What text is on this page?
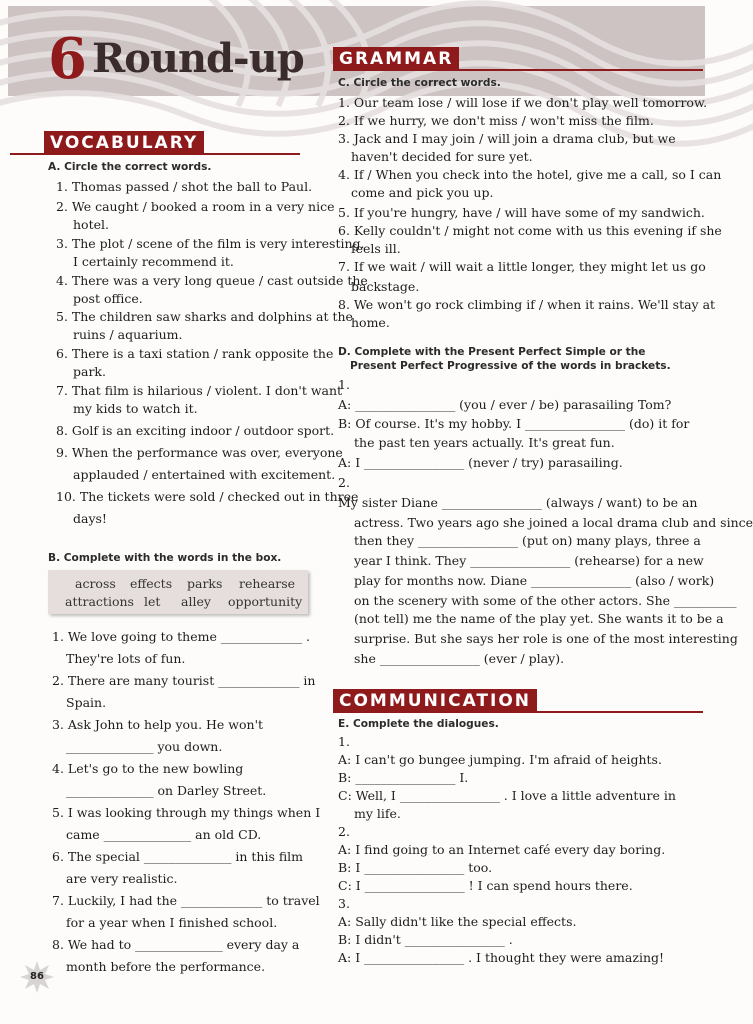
6 Round-up
VOCABULARY
A. Circle the correct words.
across effects parks rehearse
attractions let alley opportunity
B. Complete with the words in the box.
GRAMMAR
C. Circle the correct words.
D. Complete with the Present Perfect Simple or the
Present Perfect Progressive of the words in brackets.
COMMUNICATION
E. Complete the dialogues.
86
1. Thomas passed / shot the ball to Paul.
2. We caught / booked a room in a very nice
hotel.
3. The plot / scene of the film is very interesting.
I certainly recommend it.
4. There was a very long queue / cast outside the
post office.
5. The children saw sharks and dolphins at the
ruins / aquarium.
6. There is a taxi station / rank opposite the
park.
7. That film is hilarious / violent. I don't want
my kids to watch it.
8. Golf is an exciting indoor / outdoor sport.
9. When the performance was over, everyone
applauded / entertained with excitement.
10. The tickets were sold / checked out in three
days!
1. We love going to theme _____________ .
They're lots of fun.
2. There are many tourist _____________ in
Spain.
3. Ask John to help you. He won't
______________ you down.
4. Let's go to the new bowling
______________ on Darley Street.
5. I was looking through my things when I
came ______________ an old CD.
6. The special ______________ in this film
are very realistic.
7. Luckily, I had the _____________ to travel
for a year when I finished school.
8. We had to ______________ every day a
month before the performance.
1. Our team lose / will lose if we don't play well tomorrow.
2. If we hurry, we don't miss / won't miss the film.
3. Jack and I may join / will join a drama club, but we
haven't decided for sure yet.
4. If / When you check into the hotel, give me a call, so I can
come and pick you up.
5. If you're hungry, have / will have some of my sandwich.
6. Kelly couldn't / might not come with us this evening if she
feels ill.
7. If we wait / will wait a little longer, they might let us go
backstage.
8. We won't go rock climbing if / when it rains. We'll stay at
home.
1.
A: ________________ (you / ever / be) parasailing Tom?
B: Of course. It's my hobby. I ________________ (do) it for
the past ten years actually. It's great fun.
A: I ________________ (never / try) parasailing.
2.
My sister Diane ________________ (always / want) to be an
actress. Two years ago she joined a local drama club and since
then they ________________ (put on) many plays, three a
year I think. They ________________ (rehearse) for a new
play for months now. Diane ________________ (also / work)
on the scenery with some of the other actors. She __________
(not tell) me the name of the play yet. She wants it to be a
surprise. But she says her role is one of the most interesting
she ________________ (ever / play).
1.
A: I can't go bungee jumping. I'm afraid of heights.
B: ________________ I.
C: Well, I ________________ . I love a little adventure in
my life.
2.
A: I find going to an Internet café every day boring.
B: I ________________ too.
C: I ________________ ! I can spend hours there.
3.
A: Sally didn't like the special effects.
B: I didn't ________________ .
A: I ________________ . I thought they were amazing!
